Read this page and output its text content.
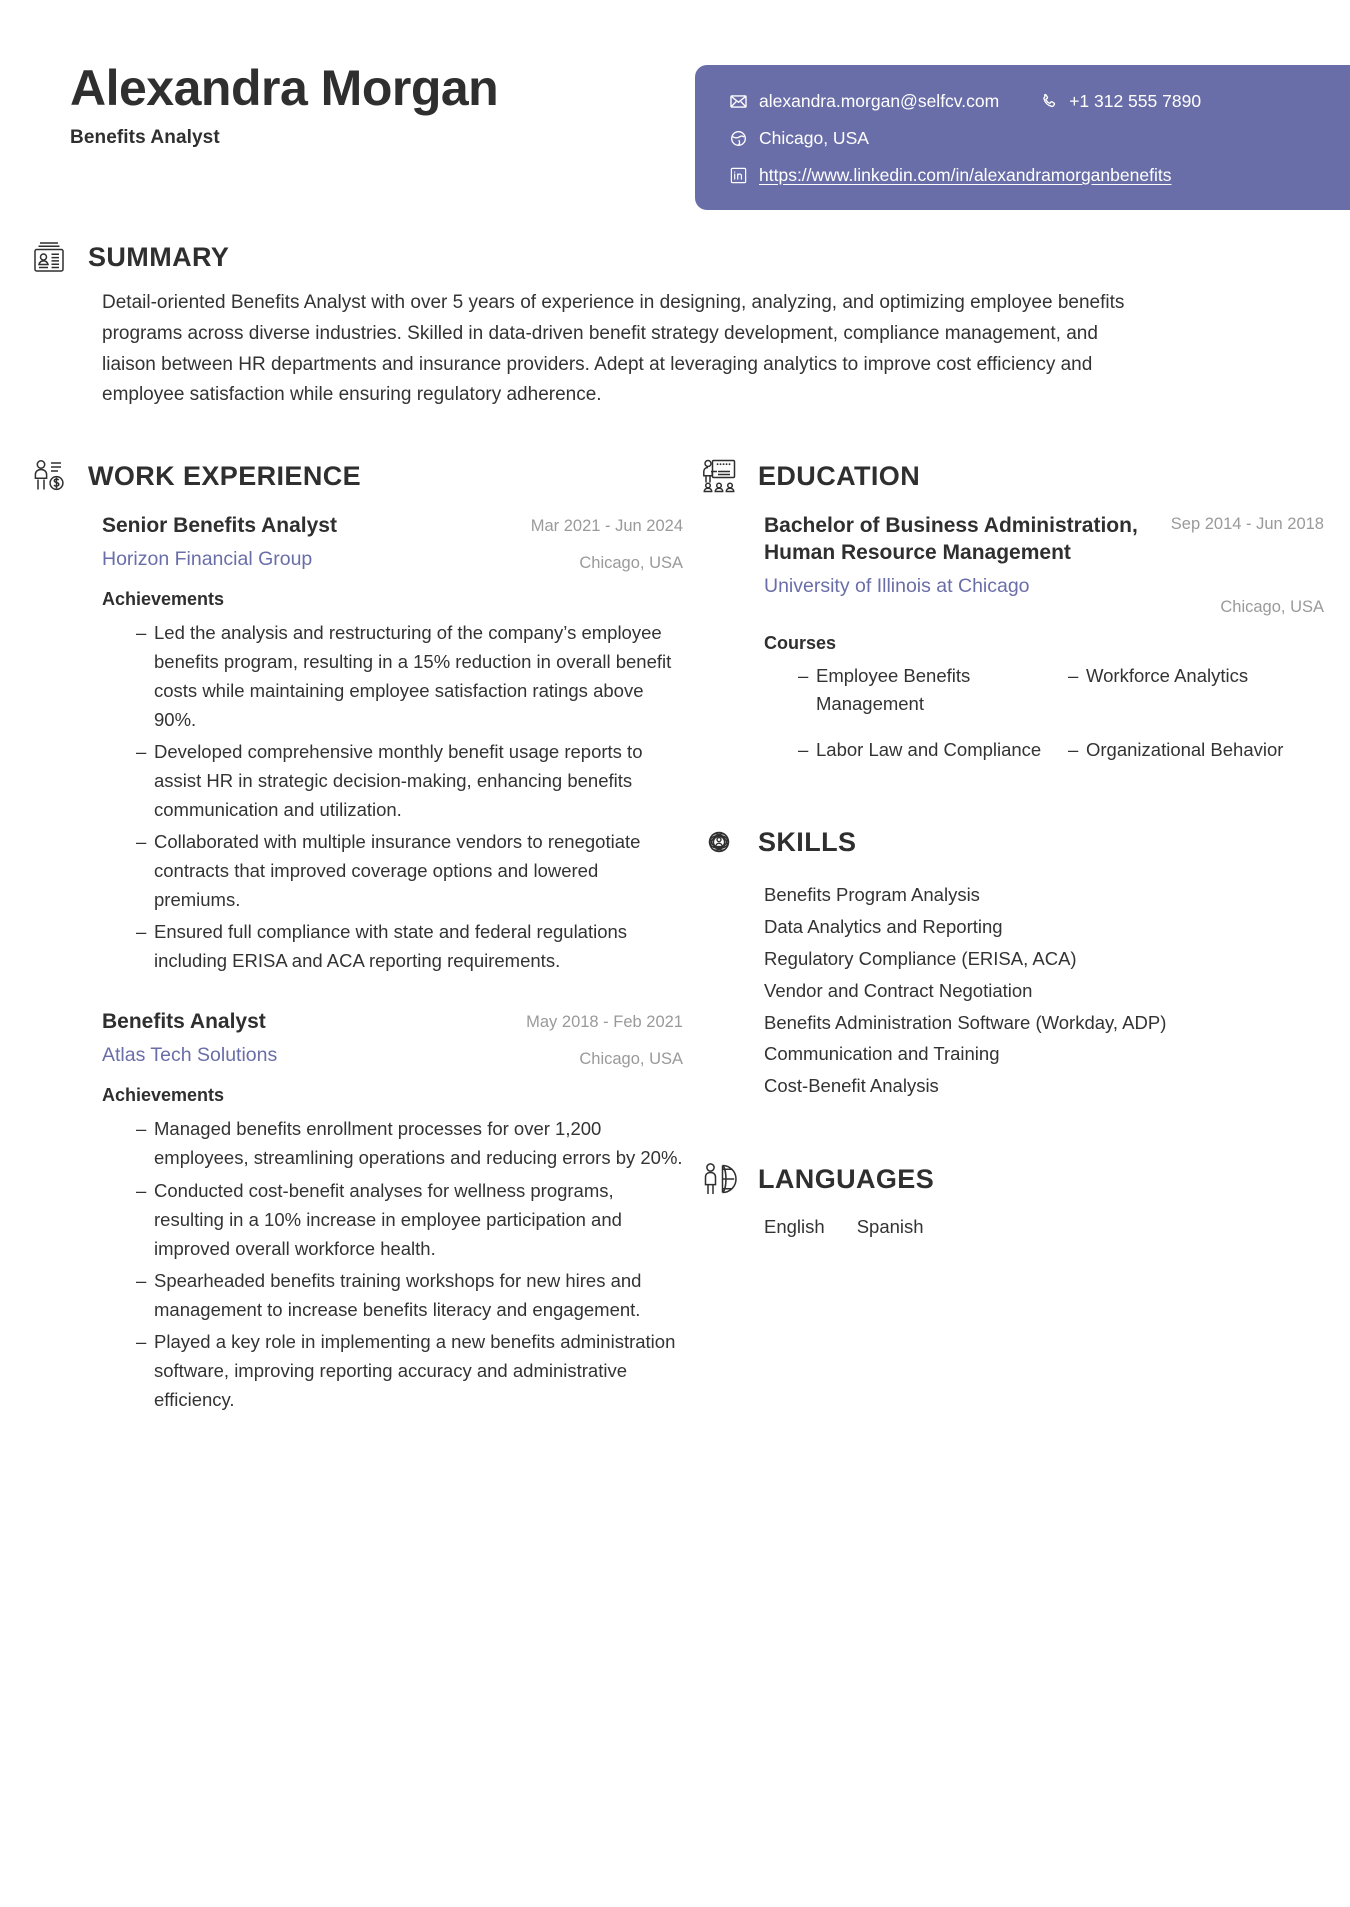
Alexandra Morgan
Benefits Analyst
alexandra.morgan@selfcv.com	+1 312 555 7890
Chicago, USA
https://www.linkedin.com/in/alexandramorganbenefits
SUMMARY
Detail-oriented Benefits Analyst with over 5 years of experience in designing, analyzing, and optimizing employee benefits programs across diverse industries. Skilled in data-driven benefit strategy development, compliance management, and liaison between HR departments and insurance providers. Adept at leveraging analytics to improve cost efficiency and employee satisfaction while ensuring regulatory adherence.
WORK EXPERIENCE
Senior Benefits Analyst
Horizon Financial Group
Mar 2021 - Jun 2024
Chicago, USA
Achievements
– Led the analysis and restructuring of the company’s employee benefits program, resulting in a 15% reduction in overall benefit costs while maintaining employee satisfaction ratings above 90%.
– Developed comprehensive monthly benefit usage reports to assist HR in strategic decision-making, enhancing benefits communication and utilization.
– Collaborated with multiple insurance vendors to renegotiate contracts that improved coverage options and lowered premiums.
– Ensured full compliance with state and federal regulations including ERISA and ACA reporting requirements.
Benefits Analyst
Atlas Tech Solutions
May 2018 - Feb 2021
Chicago, USA
Achievements
– Managed benefits enrollment processes for over 1,200 employees, streamlining operations and reducing errors by 20%.
– Conducted cost-benefit analyses for wellness programs, resulting in a 10% increase in employee participation and improved overall workforce health.
– Spearheaded benefits training workshops for new hires and management to increase benefits literacy and engagement.
– Played a key role in implementing a new benefits administration software, improving reporting accuracy and administrative efficiency.
EDUCATION
Bachelor of Business Administration, Human Resource Management
University of Illinois at Chicago
Sep 2014 - Jun 2018
Chicago, USA
Courses
– Employee Benefits Management
– Workforce Analytics
– Labor Law and Compliance	– Organizational Behavior
SKILLS
Benefits Program Analysis
Data Analytics and Reporting
Regulatory Compliance (ERISA, ACA)
Vendor and Contract Negotiation
Benefits Administration Software (Workday, ADP)
Communication and Training
Cost-Benefit Analysis
LANGUAGES
English Spanish
